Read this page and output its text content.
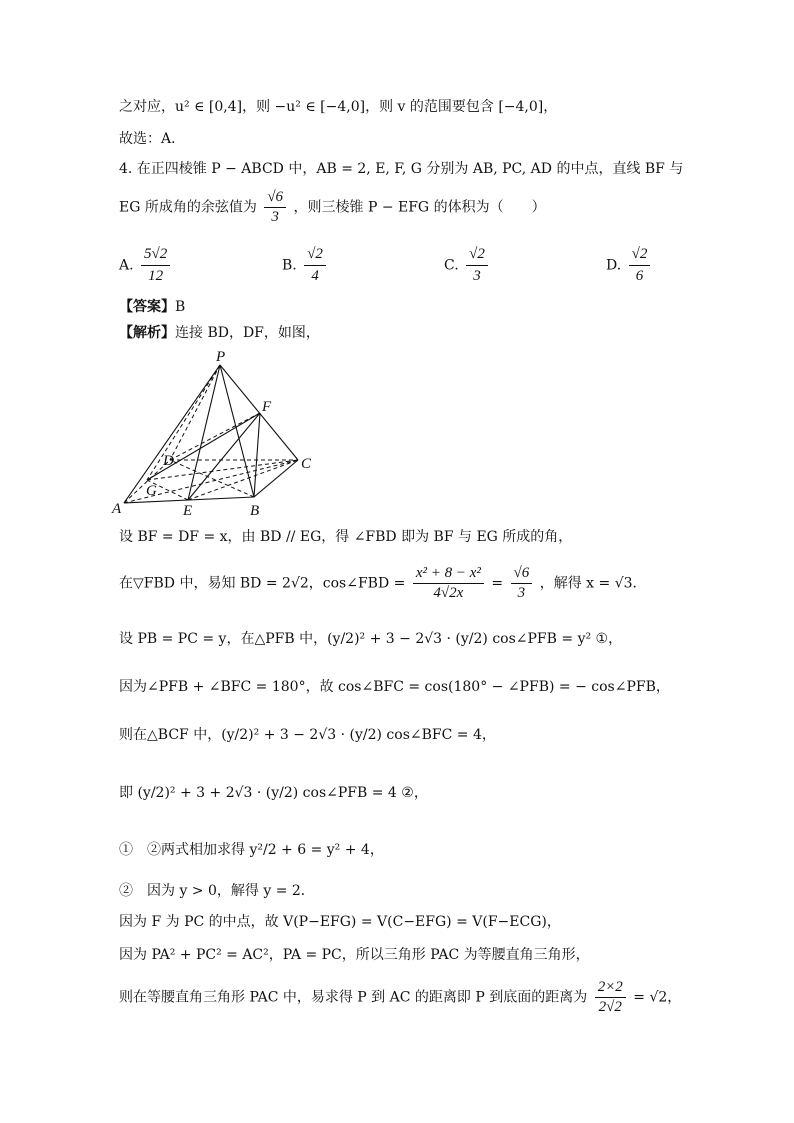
之对应，u² ∈ [0,4]，则 −u² ∈ [−4,0]，则 v 的范围要包含 [−4,0]，
故选：A．
4. 在正四棱锥 P − ABCD 中，AB = 2, E, F, G 分别为 AB, PC, AD 的中点，直线 BF 与
EG 所成角的余弦值为 $\frac{√6}{3}$ ，则三棱锥 P − EFG 的体积为（　　）
A. $\frac{5√2}{12}$	B. $\frac{√2}{4}$	C. $\frac{√2}{3}$	D. $\frac{√2}{6}$
【答案】B
【解析】连接 BD，DF，如图，
P
F
D	C
G
A	E	B
设 BF = DF = x，由 BD // EG，得 ∠FBD 即为 BF 与 EG 所成的角，
在▽FBD 中，易知 BD = 2√2，cos∠FBD = $\frac{\text{x² + 8 − x²}}{4√2x} = \frac{√6}{3}$ ，解得 x = √3．
设 PB = PC = y，在△PFB 中，(y/2)² + 3 − 2√3 · (y/2) cos∠PFB = y² ①，
因为∠PFB + ∠BFC = 180°，故 cos∠BFC = cos(180° − ∠PFB) = − cos∠PFB，
则在△BCF 中，(y/2)² + 3 − 2√3 · (y/2) cos∠BFC = 4，
即 (y/2)² + 3 + 2√3 · (y/2) cos∠PFB = 4 ②，
①　②两式相加求得 y²/2 + 6 = y² + 4，
②　因为 y > 0，解得 y = 2．
因为 F 为 PC 的中点，故 V(P−EFG) = V(C−EFG) = V(F−ECG)，
因为 PA² + PC² = AC²，PA = PC，所以三角形 PAC 为等腰直角三角形，
则在等腰直角三角形 PAC 中，易求得 P 到 AC 的距离即 P 到底面的距离为 $\frac{2\times 2}{2√2} = √2$，
